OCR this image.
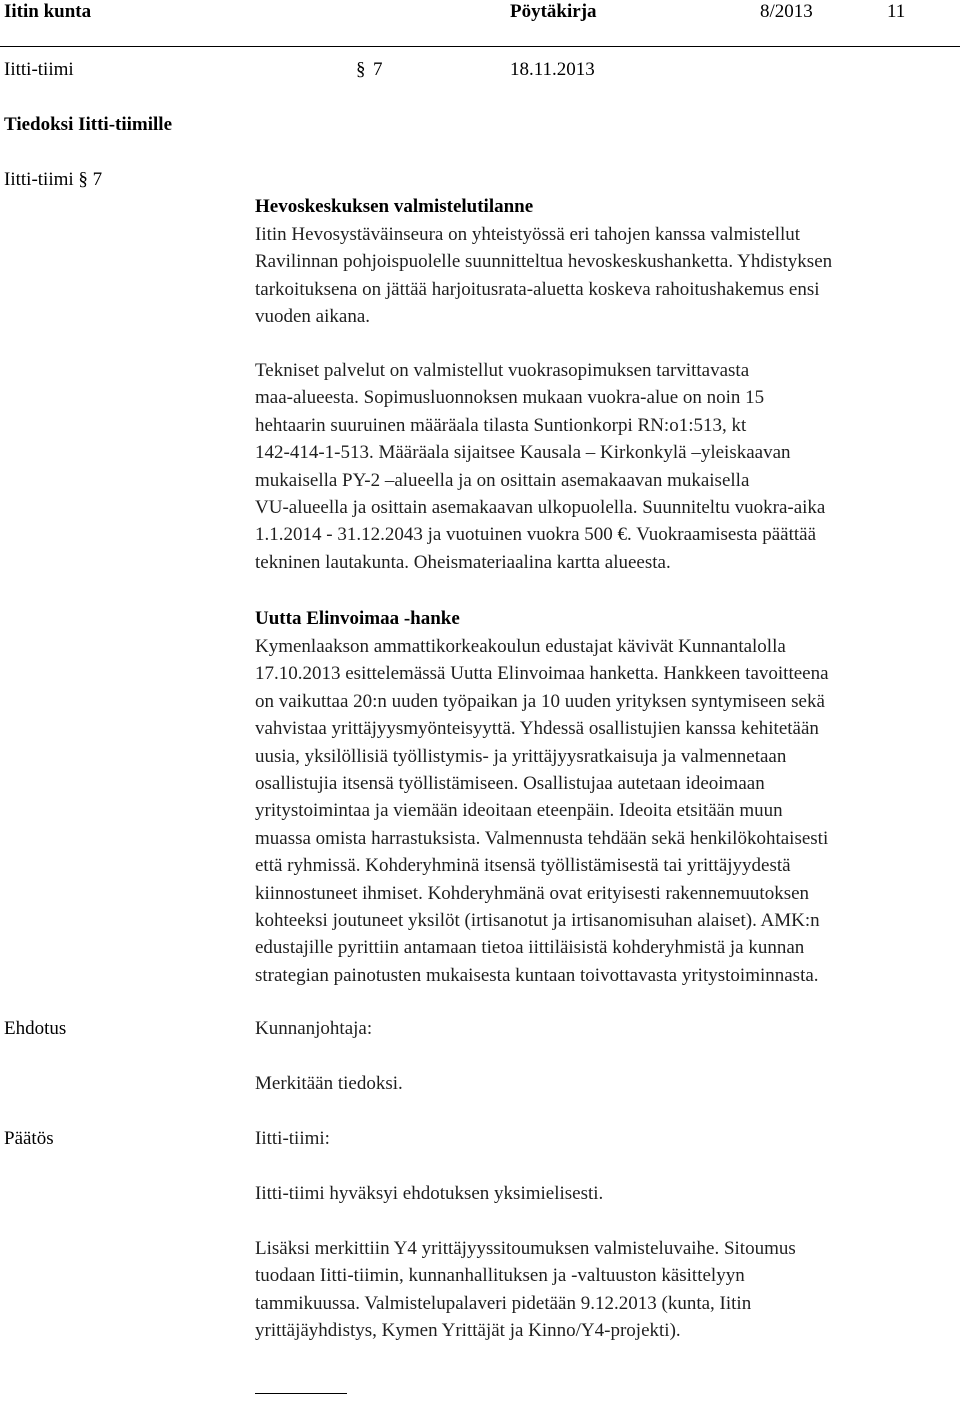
Iitin kunta	Pöytäkirja	8/2013	11
Iitti-tiimi	§ 7	18.11.2013
Tiedoksi Iitti-tiimille
Iitti-tiimi § 7
Hevoskeskuksen valmistelutilanne
Iitin Hevosystäväinseura on yhteistyössä eri tahojen kanssa valmistellut
Ravilinnan pohjoispuolelle suunnitteltua hevoskeskushanketta. Yhdistyksen
tarkoituksena on jättää harjoitusrata-aluetta koskeva rahoitushakemus ensi
vuoden aikana.
Tekniset palvelut on valmistellut vuokrasopimuksen tarvittavasta
maa-alueesta. Sopimusluonnoksen mukaan vuokra-alue on noin 15
hehtaarin suuruinen määräala tilasta Suntionkorpi RN:o1:513, kt
142-414-1-513. Määräala sijaitsee Kausala – Kirkonkylä –yleiskaavan
mukaisella PY-2 –alueella ja on osittain asemakaavan mukaisella
VU-alueella ja osittain asemakaavan ulkopuolella. Suunniteltu vuokra-aika
1.1.2014 - 31.12.2043 ja vuotuinen vuokra 500 €. Vuokraamisesta päättää
tekninen lautakunta. Oheismateriaalina kartta alueesta.
Uutta Elinvoimaa -hanke
Kymenlaakson ammattikorkeakoulun edustajat kävivät Kunnantalolla
17.10.2013 esittelemässä Uutta Elinvoimaa hanketta. Hankkeen tavoitteena
on vaikuttaa 20:n uuden työpaikan ja 10 uuden yrityksen syntymiseen sekä
vahvistaa yrittäjyysmyönteisyyttä. Yhdessä osallistujien kanssa kehitetään
uusia, yksilöllisiä työllistymis- ja yrittäjyysratkaisuja ja valmennetaan
osallistujia itsensä työllistämiseen. Osallistujaa autetaan ideoimaan
yritystoimintaa ja viemään ideoitaan eteenpäin. Ideoita etsitään muun
muassa omista harrastuksista. Valmennusta tehdään sekä henkilökohtaisesti
että ryhmissä. Kohderyhminä itsensä työllistämisestä tai yrittäjyydestä
kiinnostuneet ihmiset. Kohderyhmänä ovat erityisesti rakennemuutoksen
kohteeksi joutuneet yksilöt (irtisanotut ja irtisanomisuhan alaiset). AMK:n
edustajille pyrittiin antamaan tietoa iittiläisistä kohderyhmistä ja kunnan
strategian painotusten mukaisesta kuntaan toivottavasta yritystoiminnasta.
Ehdotus	Kunnanjohtaja:
Merkitään tiedoksi.
Päätös	Iitti-tiimi:
Iitti-tiimi hyväksyi ehdotuksen yksimielisesti.
Lisäksi merkittiin Y4 yrittäjyyssitoumuksen valmisteluvaihe. Sitoumus
tuodaan Iitti-tiimin, kunnanhallituksen ja -valtuuston käsittelyyn
tammikuussa. Valmistelupalaveri pidetään 9.12.2013 (kunta, Iitin
yrittäjäyhdistys, Kymen Yrittäjät ja Kinno/Y4-projekti).
